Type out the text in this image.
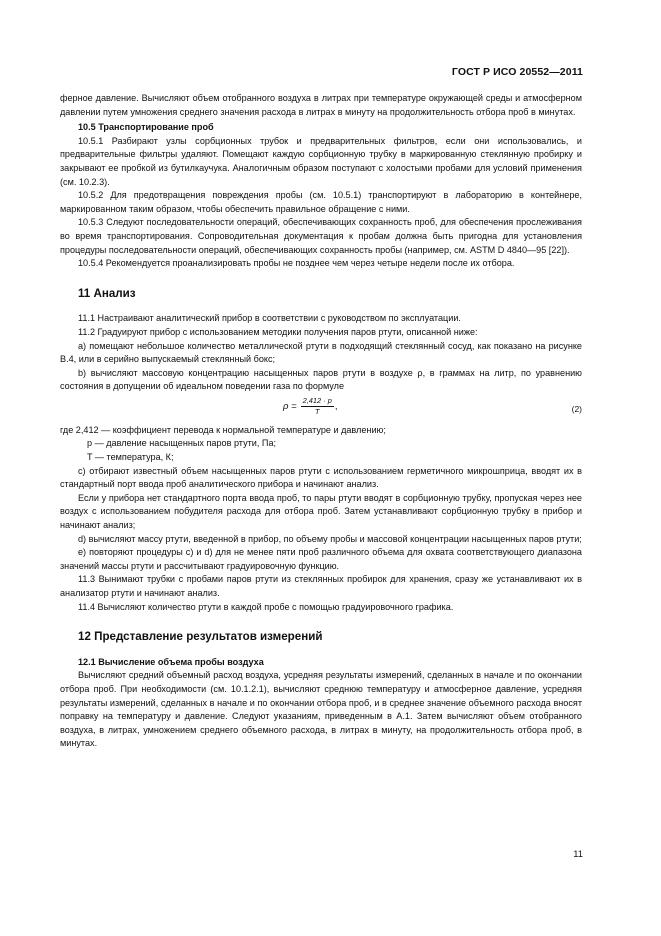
ГОСТ Р ИСО 20552—2011

ферное давление. Вычисляют объем отобранного воздуха в литрах при температуре окружающей среды и атмосферном давлении путем умножения среднего значения расхода в литрах в минуту на продолжительность отбора проб в минутах.

10.5 Транспортирование проб

10.5.1 Разбирают узлы сорбционных трубок и предварительных фильтров, если они использовались, и предварительные фильтры удаляют. Помещают каждую сорбционную трубку в маркированную стеклянную пробирку и закрывают ее пробкой из бутилкаучука. Аналогичным образом поступают с холостыми пробами для условий применения (см. 10.2.3).

10.5.2 Для предотвращения повреждения пробы (см. 10.5.1) транспортируют в лабораторию в контейнере, маркированном таким образом, чтобы обеспечить правильное обращение с ними.

10.5.3 Следуют последовательности операций, обеспечивающих сохранность проб, для обеспечения прослеживания во время транспортирования. Сопроводительная документация к пробам должна быть пригодна для установления процедуры последовательности операций, обеспечивающих сохранность пробы (например, см. ASTM D 4840—95 [22]).

10.5.4 Рекомендуется проанализировать пробы не позднее чем через четыре недели после их отбора.

11 Анализ

11.1 Настраивают аналитический прибор в соответствии с руководством по эксплуатации.

11.2 Градуируют прибор с использованием методики получения паров ртути, описанной ниже:

a) помещают небольшое количество металлической ртути в подходящий стеклянный сосуд, как показано на рисунке В.4, или в серийно выпускаемый стеклянный бокс;

b) вычисляют массовую концентрацию насыщенных паров ртути в воздухе ρ, в граммах на литр, по уравнению состояния в допущении об идеальном поведении газа по формуле

$\rho = \frac{2,412 \cdot p}{T}$ ,	(2)

где 2,412 — коэффициент перевода к нормальной температуре и давлению;

p — давление насыщенных паров ртути, Па;

T — температура, К;

c) отбирают известный объем насыщенных паров ртути с использованием герметичного микрошприца, вводят их в стандартный порт ввода проб аналитического прибора и начинают анализ.

Если у прибора нет стандартного порта ввода проб, то пары ртути вводят в сорбционную трубку, пропуская через нее воздух с использованием побудителя расхода для отбора проб. Затем устанавливают сорбционную трубку в прибор и начинают анализ;

d) вычисляют массу ртути, введенной в прибор, по объему пробы и массовой концентрации насыщенных паров ртути;

e) повторяют процедуры c) и d) для не менее пяти проб различного объема для охвата соответствующего диапазона значений массы ртути и рассчитывают градуировочную функцию.

11.3 Вынимают трубки с пробами паров ртути из стеклянных пробирок для хранения, сразу же устанавливают их в анализатор ртути и начинают анализ.

11.4 Вычисляют количество ртути в каждой пробе с помощью градуировочного графика.

12 Представление результатов измерений

12.1 Вычисление объема пробы воздуха

Вычисляют средний объемный расход воздуха, усредняя результаты измерений, сделанных в начале и по окончании отбора проб. При необходимости (см. 10.1.2.1), вычисляют среднюю температуру и атмосферное давление, усредняя результаты измерений, сделанных в начале и по окончании отбора проб, и в среднее значение объемного расхода вносят поправку на температуру и давление. Следуют указаниям, приведенным в А.1. Затем вычисляют объем отобранного воздуха, в литрах, умножением среднего объемного расхода, в литрах в минуту, на продолжительность отбора проб, в минутах.

11
